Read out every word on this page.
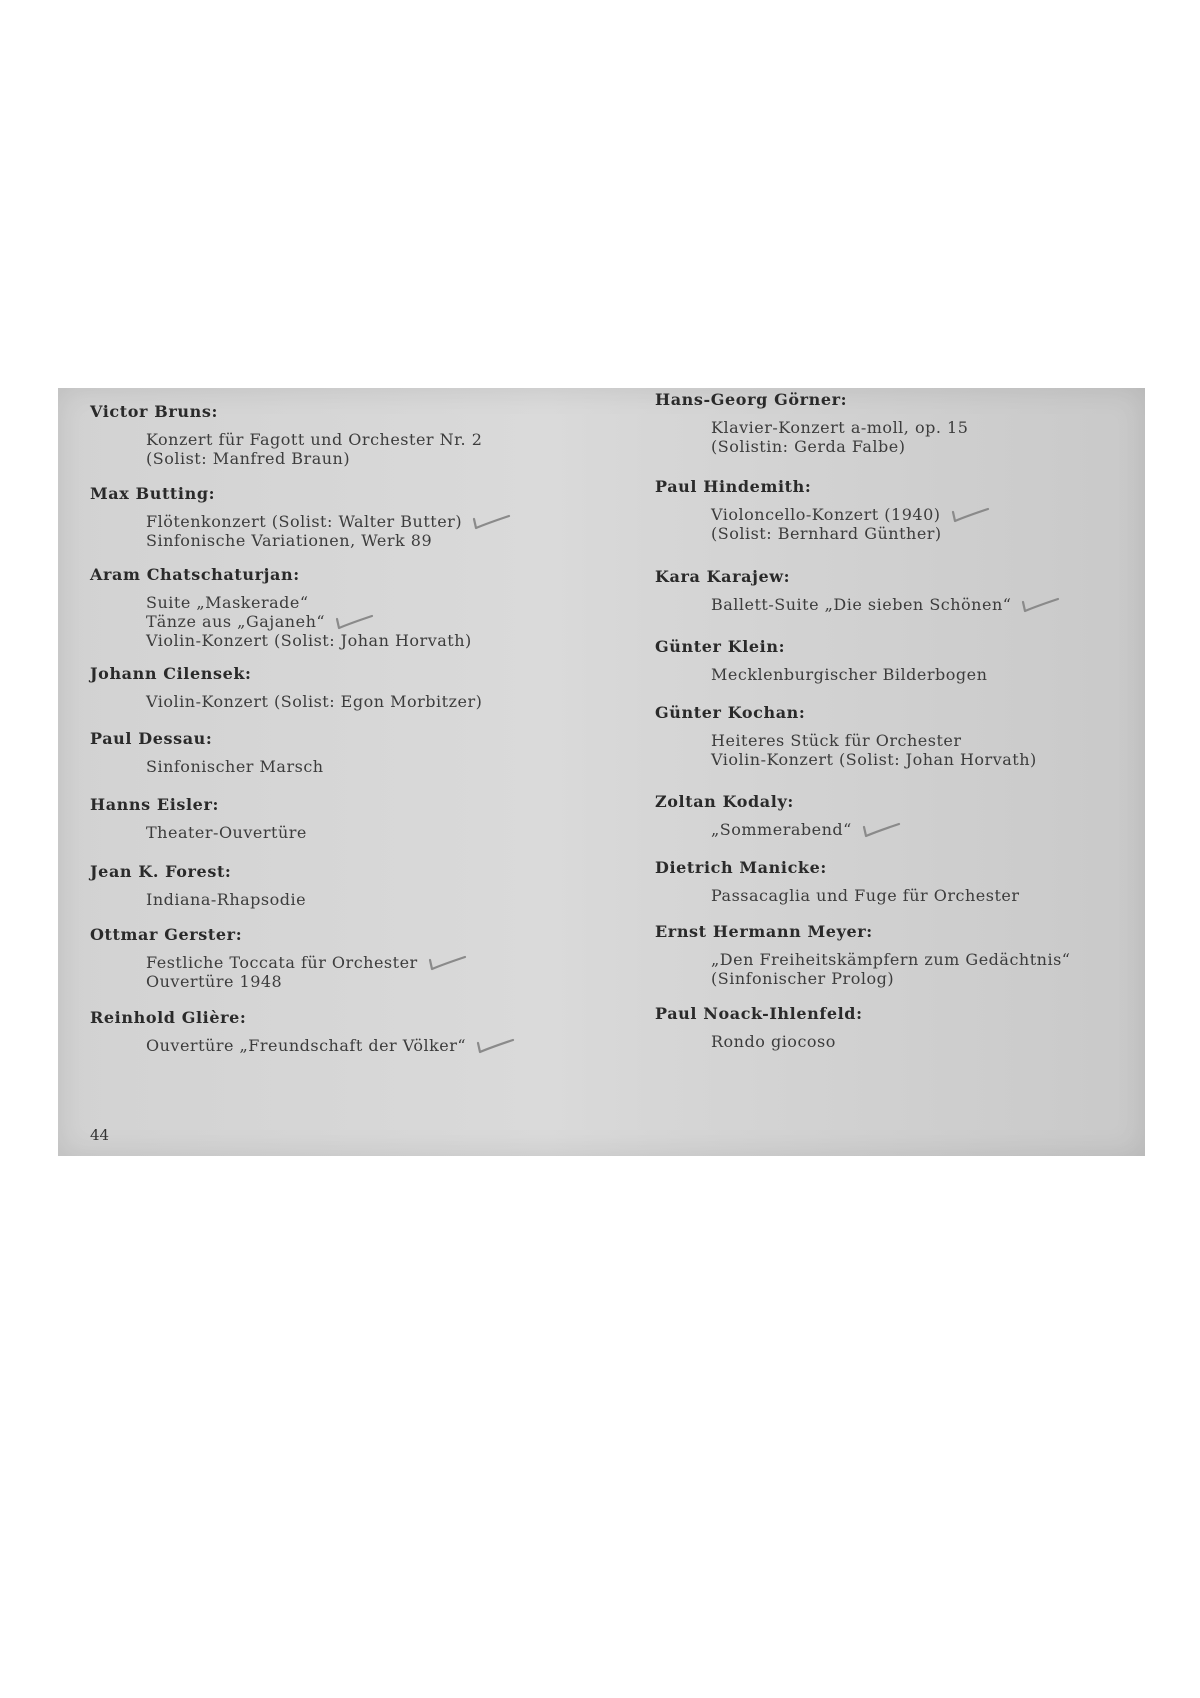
Victor Bruns:
Konzert für Fagott und Orchester Nr. 2
(Solist: Manfred Braun)
Max Butting:
Flötenkonzert (Solist: Walter Butter)
Sinfonische Variationen, Werk 89
Aram Chatschaturjan:
Suite „Maskerade“
Tänze aus „Gajaneh“
Violin-Konzert (Solist: Johan Horvath)
Johann Cilensek:
Violin-Konzert (Solist: Egon Morbitzer)
Paul Dessau:
Sinfonischer Marsch
Hanns Eisler:
Theater-Ouvertüre
Jean K. Forest:
Indiana-Rhapsodie
Ottmar Gerster:
Festliche Toccata für Orchester
Ouvertüre 1948
Reinhold Glière:
Ouvertüre „Freundschaft der Völker“
Hans-Georg Görner:
Klavier-Konzert a-moll, op. 15
(Solistin: Gerda Falbe)
Paul Hindemith:
Violoncello-Konzert (1940)
(Solist: Bernhard Günther)
Kara Karajew:
Ballett-Suite „Die sieben Schönen“
Günter Klein:
Mecklenburgischer Bilderbogen
Günter Kochan:
Heiteres Stück für Orchester
Violin-Konzert (Solist: Johan Horvath)
Zoltan Kodaly:
„Sommerabend“
Dietrich Manicke:
Passacaglia und Fuge für Orchester
Ernst Hermann Meyer:
„Den Freiheitskämpfern zum Gedächtnis“
(Sinfonischer Prolog)
Paul Noack-Ihlenfeld:
Rondo giocoso
44
